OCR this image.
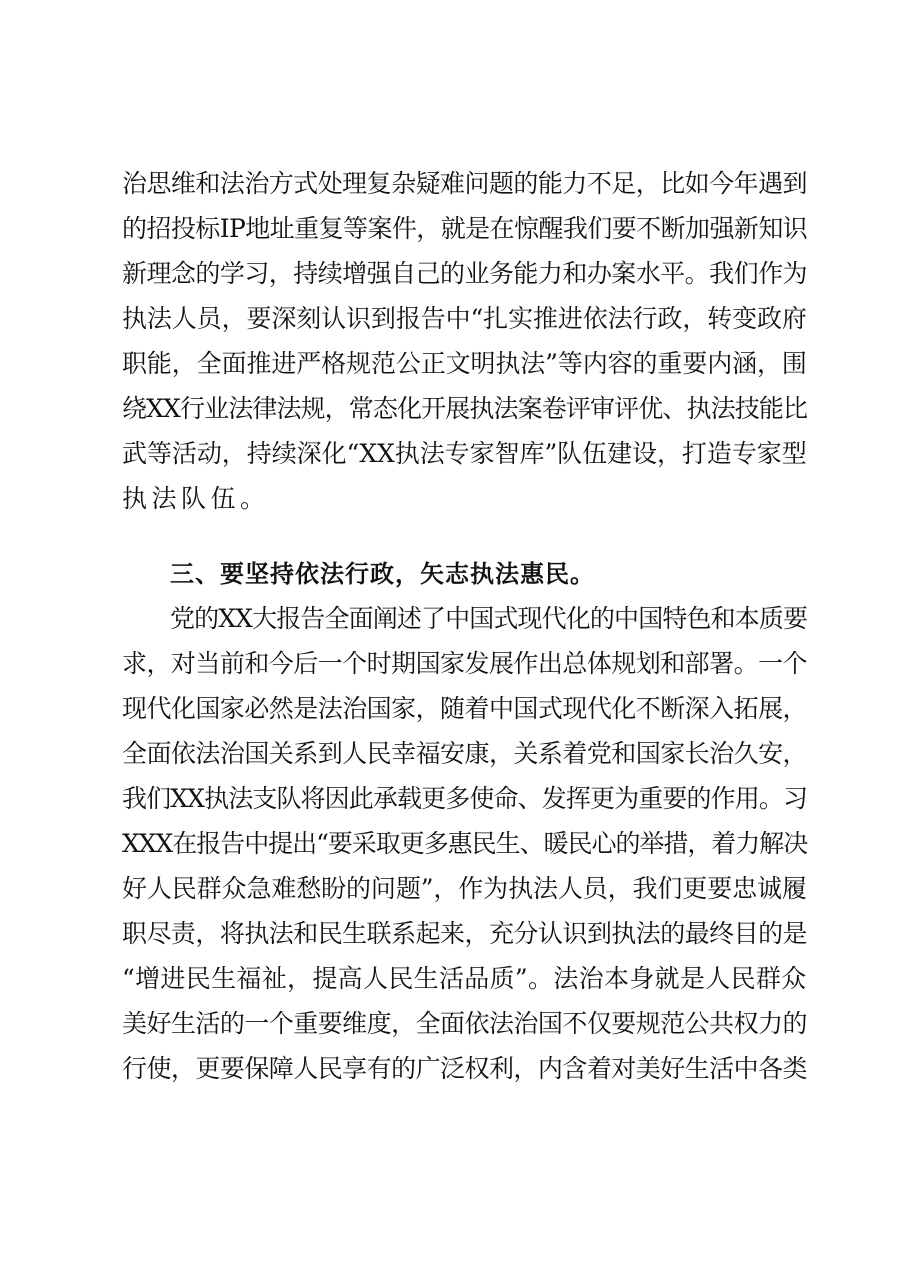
治思维和法治方式处理复杂疑难问题的能力不足，比如今年遇到
的招投标IP地址重复等案件，就是在惊醒我们要不断加强新知识
新理念的学习，持续增强自己的业务能力和办案水平。我们作为
执法人员，要深刻认识到报告中“扎实推进依法行政，转变政府
职能，全面推进严格规范公正文明执法”等内容的重要内涵，围
绕XX行业法律法规，常态化开展执法案卷评审评优、执法技能比
武等活动，持续深化“XX执法专家智库”队伍建设，打造专家型
执法队伍。
三、要坚持依法行政，矢志执法惠民。
党的XX大报告全面阐述了中国式现代化的中国特色和本质要
求，对当前和今后一个时期国家发展作出总体规划和部署。一个
现代化国家必然是法治国家，随着中国式现代化不断深入拓展，
全面依法治国关系到人民幸福安康，关系着党和国家长治久安，
我们XX执法支队将因此承载更多使命、发挥更为重要的作用。习
XXX在报告中提出“要采取更多惠民生、暖民心的举措，着力解决
好人民群众急难愁盼的问题”，作为执法人员，我们更要忠诚履
职尽责，将执法和民生联系起来，充分认识到执法的最终目的是
“增进民生福祉，提高人民生活品质”。法治本身就是人民群众
美好生活的一个重要维度，全面依法治国不仅要规范公共权力的
行使，更要保障人民享有的广泛权利，内含着对美好生活中各类
